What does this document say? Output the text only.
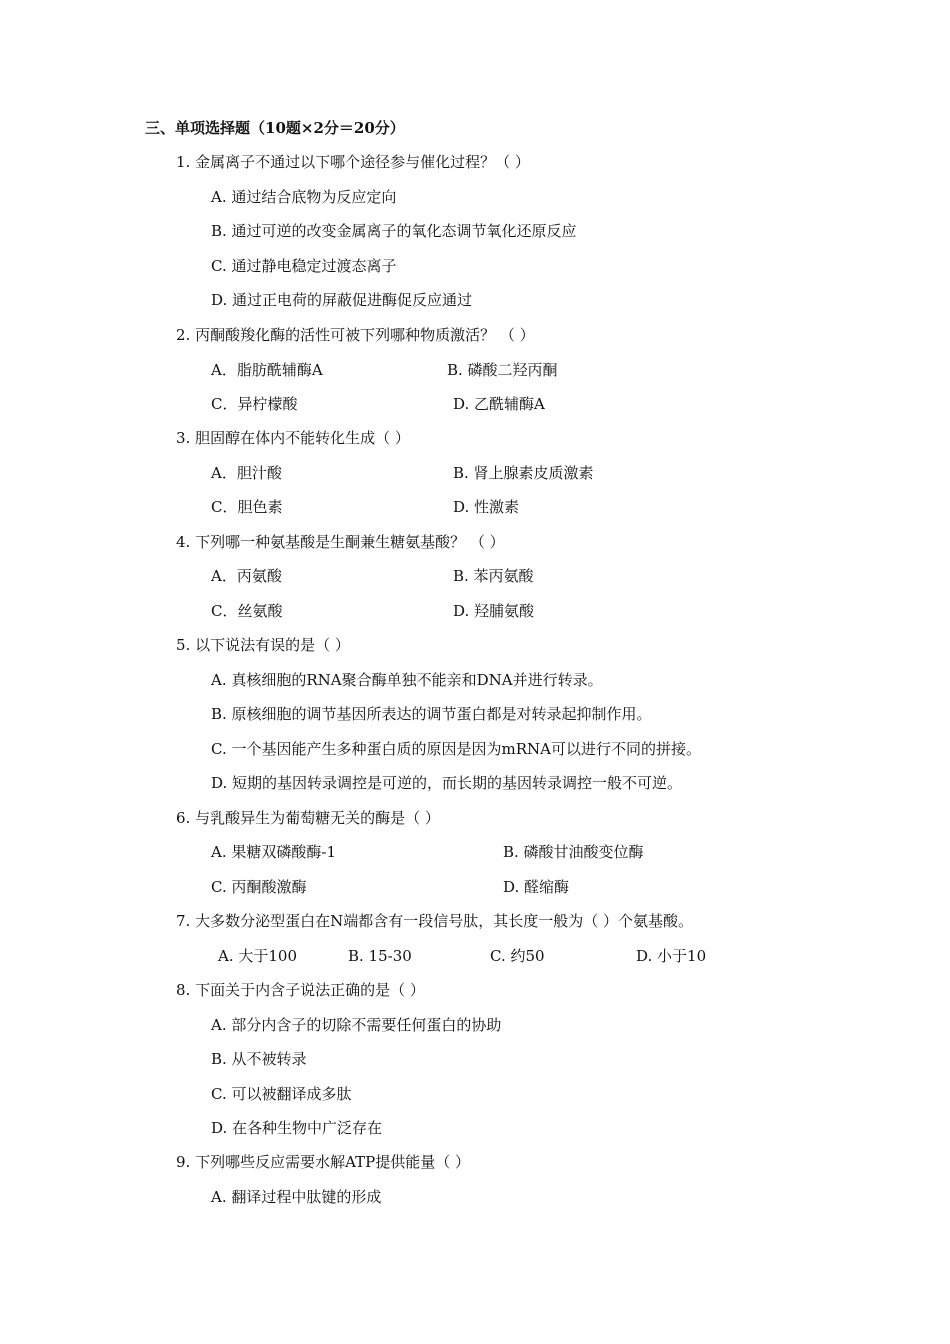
三、单项选择题（10题×2分＝20分）
1. 金属离子不通过以下哪个途径参与催化过程？（ ）
A. 通过结合底物为反应定向
B. 通过可逆的改变金属离子的氧化态调节氧化还原反应
C. 通过静电稳定过渡态离子
D. 通过正电荷的屏蔽促进酶促反应通过
2. 丙酮酸羧化酶的活性可被下列哪种物质激活？ （ ）
A．脂肪酰辅酶A	B. 磷酸二羟丙酮
C．异柠檬酸	D. 乙酰辅酶A
3. 胆固醇在体内不能转化生成（ ）
A．胆汁酸	B. 肾上腺素皮质激素
C．胆色素	D. 性激素
4. 下列哪一种氨基酸是生酮兼生糖氨基酸？ （ ）
A．丙氨酸	B. 苯丙氨酸
C．丝氨酸	D. 羟脯氨酸
5. 以下说法有误的是（ ）
A. 真核细胞的RNA聚合酶单独不能亲和DNA并进行转录。
B. 原核细胞的调节基因所表达的调节蛋白都是对转录起抑制作用。
C. 一个基因能产生多种蛋白质的原因是因为mRNA可以进行不同的拼接。
D. 短期的基因转录调控是可逆的，而长期的基因转录调控一般不可逆。
6. 与乳酸异生为葡萄糖无关的酶是（ ）
A. 果糖双磷酸酶-1	B. 磷酸甘油酸变位酶
C. 丙酮酸激酶	D. 醛缩酶
7. 大多数分泌型蛋白在N端都含有一段信号肽，其长度一般为（ ）个氨基酸。
A. 大于100	B. 15-30	C. 约50	D. 小于10
8. 下面关于内含子说法正确的是（ ）
A. 部分内含子的切除不需要任何蛋白的协助
B. 从不被转录
C. 可以被翻译成多肽
D. 在各种生物中广泛存在
9. 下列哪些反应需要水解ATP提供能量（ ）
A. 翻译过程中肽键的形成
